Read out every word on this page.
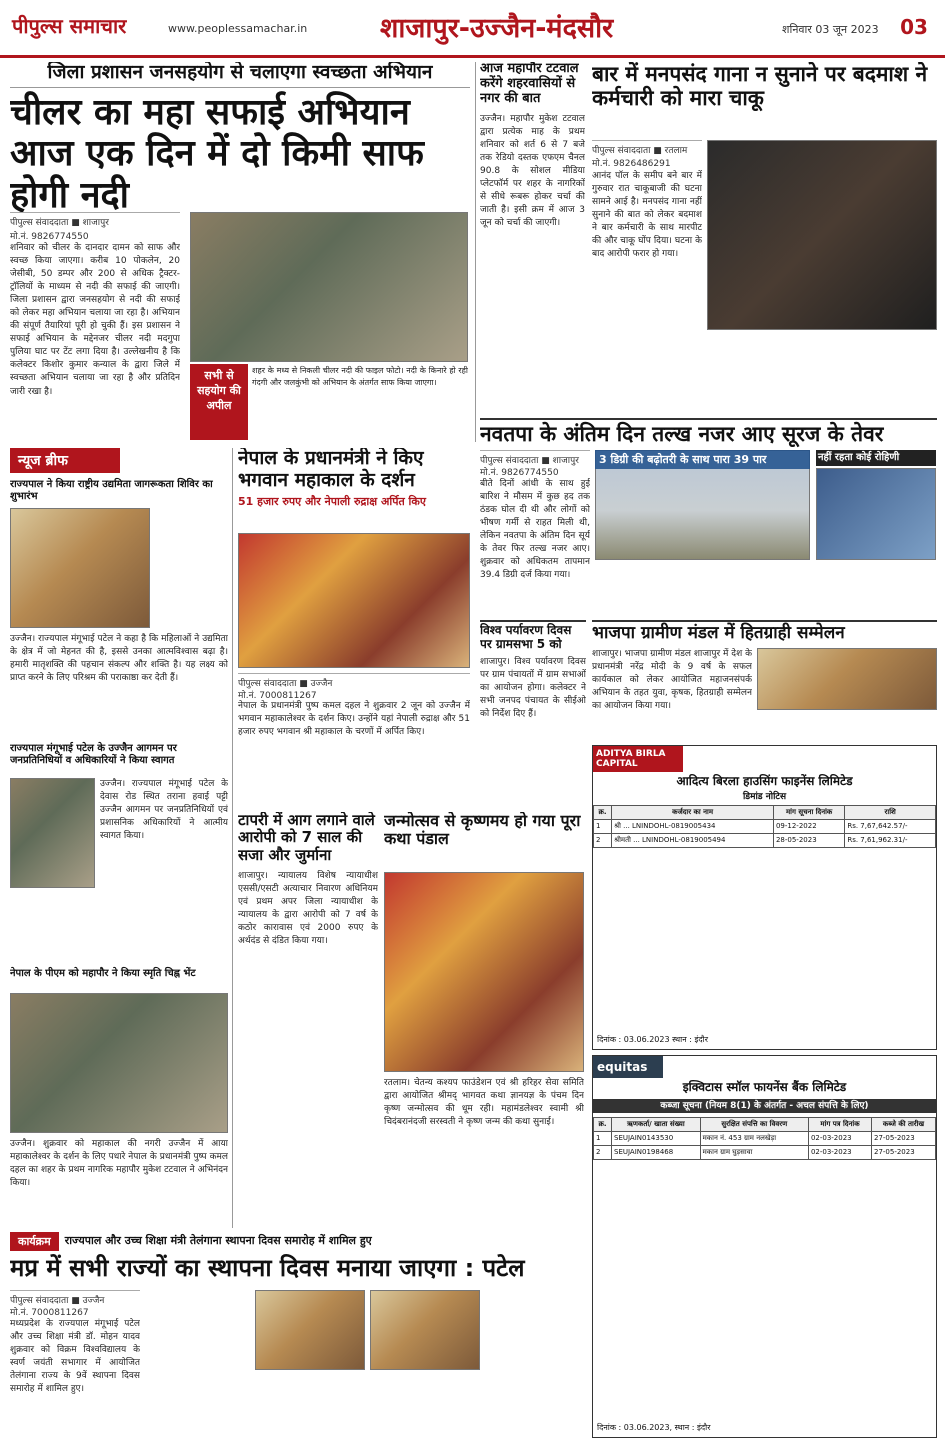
पीपुल्स समाचार	www.peoplessamachar.in	शाजापुर-उज्जैन-मंदसौर	शनिवार 03 जून 2023 03
जिला प्रशासन जनसहयोग से चलाएगा स्वच्छता अभियान
चीलर का महा सफाई अभियान आज एक दिन में दो किमी साफ होगी नदी
पीपुल्स संवाददाता ■ शाजापुर
मो.नं. 9826774550
शनिवार को चीलर के दानदार दामन को साफ और स्वच्छ किया जाएगा। करीब 10 पोकलेन, 20 जेसीबी, 50 डम्पर और 200 से अधिक ट्रैक्टर-ट्रॉलियों के माध्यम से नदी की सफाई की जाएगी। जिला प्रशासन द्वारा जनसहयोग से नदी की सफाई को लेकर महा अभियान चलाया जा रहा है। अभियान की संपूर्ण तैयारियां पूरी हो चुकी हैं। इस प्रशासन ने सफाई अभियान के मद्देनजर चीलर नदी मदगुपा पुलिया घाट पर टेंट लगा दिया है। उल्लेखनीय है कि कलेक्टर किशोर कुमार कन्याल के द्वारा जिले में स्वच्छता अभियान चलाया जा रहा है और प्रतिदिन जारी रखा है।
सभी से सहयोग की अपील
शहर के मध्य से निकली चीलर नदी की फाइल फोटो। नदी के किनारे हो रही गंदगी और जलकुंभी को अभियान के अंतर्गत साफ किया जाएगा।
आज महापौर टटवाल करेंगे शहरवासियों से नगर की बात
उज्जैन। महापौर मुकेश टटवाल द्वारा प्रत्येक माह के प्रथम शनिवार को शर्त 6 से 7 बजे तक रेडियो दस्तक एफएम चैनल 90.8 के सोशल मीडिया प्लेटफॉर्म पर शहर के नागरिकों से सीधे रूबरू होकर चर्चा की जाती है। इसी क्रम में आज 3 जून को चर्चा की जाएगी।
बार में मनपसंद गाना न सुनाने पर बदमाश ने कर्मचारी को मारा चाकू
पीपुल्स संवाददाता ■ रतलाम
मो.नं. 9826486291
आनंद पॉल के समीप बने बार में गुरुवार रात चाकूबाजी की घटना सामने आई है। मनपसंद गाना नहीं सुनाने की बात को लेकर बदमाश ने बार कर्मचारी के साथ मारपीट की और चाकू घोंप दिया। घटना के बाद आरोपी फरार हो गया।
नवतपा के अंतिम दिन तल्ख नजर आए सूरज के तेवर
पीपुल्स संवाददाता ■ शाजापुर
मो.नं. 9826774550
बीते दिनों आंधी के साथ हुई बारिश ने मौसम में कुछ हद तक ठंडक घोल दी थी और लोगों को भीषण गर्मी से राहत मिली थी, लेकिन नवतपा के अंतिम दिन सूर्य के तेवर फिर तल्ख नजर आए। शुक्रवार को अधिकतम तापमान 39.4 डिग्री दर्ज किया गया।
3 डिग्री की बढ़ोतरी के साथ पारा 39 पार	नहीं रहता कोई रोहिणी
भाजपा ग्रामीण मंडल में हितग्राही सम्मेलन
शाजापुर। भाजपा ग्रामीण मंडल शाजापुर में देश के प्रधानमंत्री नरेंद्र मोदी के 9 वर्ष के सफल कार्यकाल को लेकर आयोजित महाजनसंपर्क अभियान के तहत युवा, कृषक, हितग्राही सम्मेलन का आयोजन किया गया।
न्यूज ब्रीफ
राज्यपाल ने किया राष्ट्रीय उद्यमिता जागरूकता शिविर का शुभारंभ
उज्जैन। राज्यपाल मंगूभाई पटेल ने कहा है कि महिलाओं ने उद्यमिता के क्षेत्र में जो मेहनत की है, इससे उनका आत्मविश्वास बढ़ा है। हमारी मातृशक्ति की पहचान संकल्प और शक्ति है। यह लक्ष्य को प्राप्त करने के लिए परिश्रम की पराकाष्ठा कर देती हैं।
राज्यपाल मंगूभाई पटेल के उज्जैन आगमन पर जनप्रतिनिधियों व अधिकारियों ने किया स्वागत
उज्जैन। राज्यपाल मंगूभाई पटेल के देवास रोड स्थित तराना हवाई पट्टी उज्जैन आगमन पर जनप्रतिनिधियों एवं प्रशासनिक अधिकारियों ने आत्मीय स्वागत किया।
नेपाल के पीएम को महापौर ने किया स्मृति चिह्न भेंट
उज्जैन। शुक्रवार को महाकाल की नगरी उज्जैन में आया महाकालेश्वर के दर्शन के लिए पधारे नेपाल के प्रधानमंत्री पुष्प कमल दहल का शहर के प्रथम नागरिक महापौर मुकेश टटवाल ने अभिनंदन किया।
नेपाल के प्रधानमंत्री ने किए भगवान महाकाल के दर्शन
51 हजार रुपए और नेपाली रुद्राक्ष अर्पित किए
पीपुल्स संवाददाता ■ उज्जैन
मो.नं. 7000811267
नेपाल के प्रधानमंत्री पुष्प कमल दहल ने शुक्रवार 2 जून को उज्जैन में भगवान महाकालेश्वर के दर्शन किए। उन्होंने यहां नेपाली रुद्राक्ष और 51 हजार रुपए भगवान श्री महाकाल के चरणों में अर्पित किए।
विश्व पर्यावरण दिवस पर ग्रामसभा 5 को
शाजापुर। विश्व पर्यावरण दिवस पर ग्राम पंचायतों में ग्राम सभाओं का आयोजन होगा। कलेक्टर ने सभी जनपद पंचायत के सीईओ को निर्देश दिए हैं।
टापरी में आग लगाने वाले आरोपी को 7 साल की सजा और जुर्माना
शाजापुर। न्यायालय विशेष न्यायाधीश एससी/एसटी अत्याचार निवारण अधिनियम एवं प्रथम अपर जिला न्यायाधीश के न्यायालय के द्वारा आरोपी को 7 वर्ष के कठोर कारावास एवं 2000 रुपए के अर्थदंड से दंडित किया गया।
जन्मोत्सव से कृष्णमय हो गया पूरा कथा पंडाल
रतलाम। चेतन्य कश्यप फाउंडेशन एवं श्री हरिहर सेवा समिति द्वारा आयोजित श्रीमद् भागवत कथा ज्ञानयज्ञ के पंचम दिन कृष्ण जन्मोत्सव की धूम रही। महामंडलेश्वर स्वामी श्री चिदंबरानंदजी सरस्वती ने कृष्ण जन्म की कथा सुनाई।
ADITYA BIRLA CAPITAL
आदित्य बिरला हाउसिंग फाइनेंस लिमिटेड
डिमांड नोटिस
क्र.	कर्जदार का नाम	मांग सूचना दिनांक	राशि
1	श्री ... LNINDOHL-0819005434	09-12-2022	Rs. 7,67,642.57/-
2	श्रीमती ... LNINDOHL-0819005494	28-05-2023	Rs. 7,61,962.31/-
दिनांक : 03.06.2023 स्थान : इंदौर
equitas
इक्विटास स्मॉल फायनेंस बैंक लिमिटेड
कब्जा सूचना (नियम 8(1) के अंतर्गत - अचल संपत्ति के लिए)
क्र.	ऋणकर्ता/ खाता संख्या	सुरक्षित संपत्ति का विवरण	मांग पत्र दिनांक	कब्जे की तारीख
1	SEUJAIN0143530	मकान नं. 453 ग्राम नलखेड़ा	02-03-2023	27-05-2023
2	SEUJAIN0198468	मकान ग्राम घुड़सावा	02-03-2023	27-05-2023
दिनांक : 03.06.2023, स्थान : इंदौर
कार्यक्रम	राज्यपाल और उच्च शिक्षा मंत्री तेलंगाना स्थापना दिवस समारोह में शामिल हुए
मप्र में सभी राज्यों का स्थापना दिवस मनाया जाएगा : पटेल
पीपुल्स संवाददाता ■ उज्जैन
मो.नं. 7000811267
मध्यप्रदेश के राज्यपाल मंगूभाई पटेल और उच्च शिक्षा मंत्री डॉ. मोहन यादव शुक्रवार को विक्रम विश्वविद्यालय के स्वर्ण जयंती सभागार में आयोजित तेलंगाना राज्य के 9वें स्थापना दिवस समारोह में शामिल हुए।
